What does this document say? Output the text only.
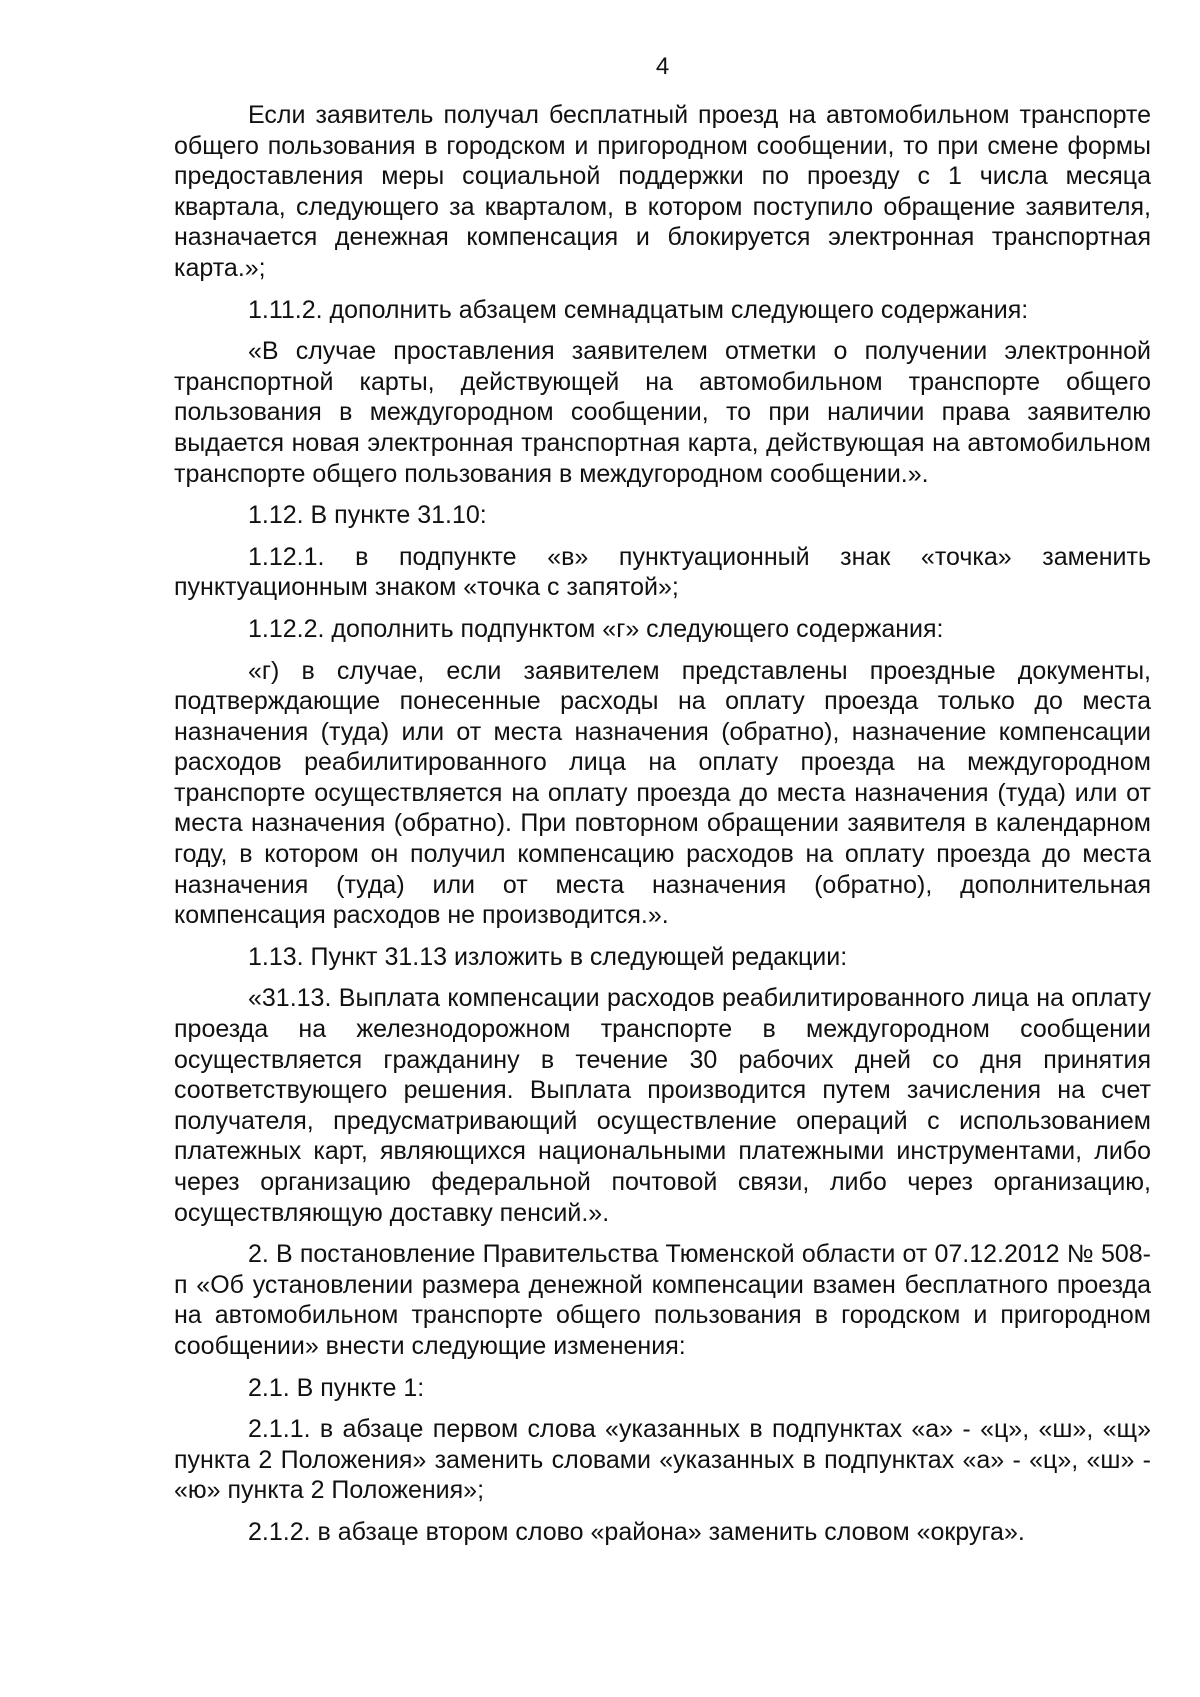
4

Если заявитель получал бесплатный проезд на автомобильном транспорте общего пользования в городском и пригородном сообщении, то при смене формы предоставления меры социальной поддержки по проезду с 1 числа месяца квартала, следующего за кварталом, в котором поступило обращение заявителя, назначается денежная компенсация и блокируется электронная транспортная карта.»;

1.11.2. дополнить абзацем семнадцатым следующего содержания:

«В случае проставления заявителем отметки о получении электронной транспортной карты, действующей на автомобильном транспорте общего пользования в междугородном сообщении, то при наличии права заявителю выдается новая электронная транспортная карта, действующая на автомобильном транспорте общего пользования в междугородном сообщении.».

1.12. В пункте 31.10:

1.12.1. в подпункте «в» пунктуационный знак «точка» заменить пунктуационным знаком «точка с запятой»;

1.12.2. дополнить подпунктом «г» следующего содержания:

«г) в случае, если заявителем представлены проездные документы, подтверждающие понесенные расходы на оплату проезда только до места назначения (туда) или от места назначения (обратно), назначение компенсации расходов реабилитированного лица на оплату проезда на междугородном транспорте осуществляется на оплату проезда до места назначения (туда) или от места назначения (обратно). При повторном обращении заявителя в календарном году, в котором он получил компенсацию расходов на оплату проезда до места назначения (туда) или от места назначения (обратно), дополнительная компенсация расходов не производится.».

1.13. Пункт 31.13 изложить в следующей редакции:

«31.13. Выплата компенсации расходов реабилитированного лица на оплату проезда на железнодорожном транспорте в междугородном сообщении осуществляется гражданину в течение 30 рабочих дней со дня принятия соответствующего решения. Выплата производится путем зачисления на счет получателя, предусматривающий осуществление операций с использованием платежных карт, являющихся национальными платежными инструментами, либо через организацию федеральной почтовой связи, либо через организацию, осуществляющую доставку пенсий.».

2. В постановление Правительства Тюменской области от 07.12.2012 № 508-п «Об установлении размера денежной компенсации взамен бесплатного проезда на автомобильном транспорте общего пользования в городском и пригородном сообщении» внести следующие изменения:

2.1. В пункте 1:

2.1.1. в абзаце первом слова «указанных в подпунктах «а» - «ц», «ш», «щ» пункта 2 Положения» заменить словами «указанных в подпунктах «а» - «ц», «ш» - «ю» пункта 2 Положения»;

2.1.2. в абзаце втором слово «района» заменить словом «округа».
